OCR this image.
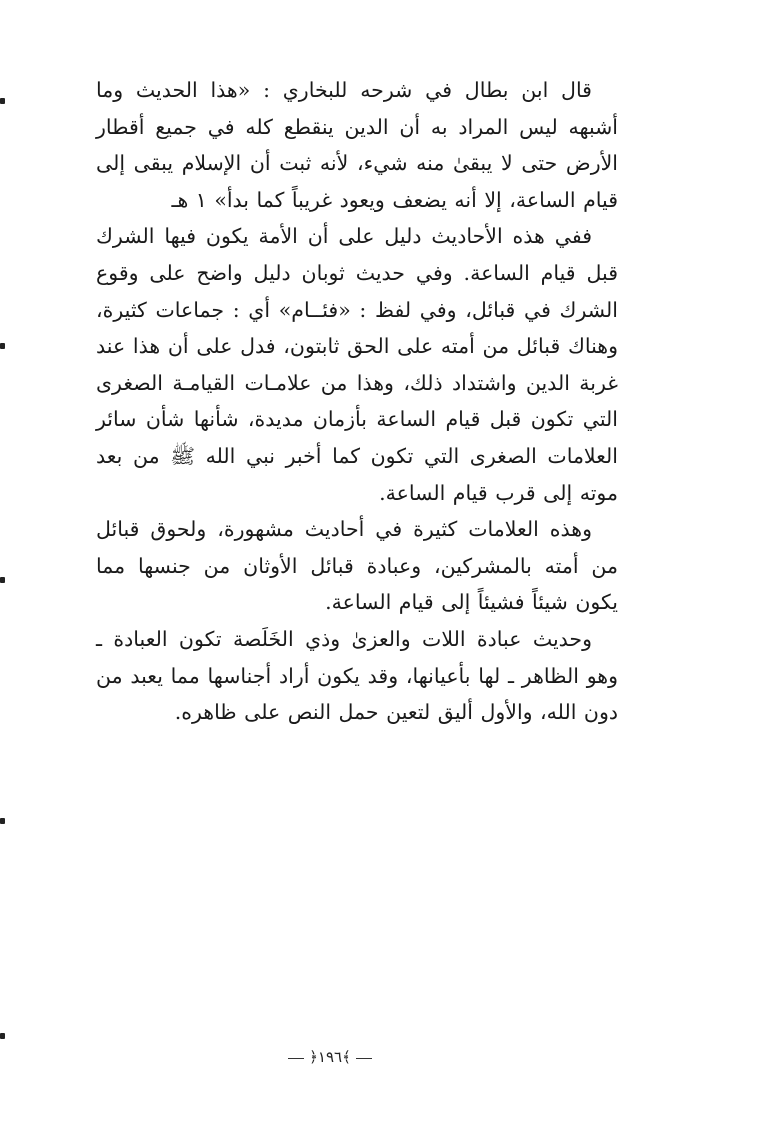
قال ابن بطال في شرحه للبخاري : «هذا الحديث وما أشبهه ليس المراد به أن الدين ينقطع كله في جميع أقطار الأرض حتى لا يبقىٰ منه شيء، لأنه ثبت أن الإسلام يبقى إلى قيام الساعة، إلا أنه يضعف ويعود غريباً كما بدأ» ١ هـ

ففي هذه الأحاديث دليل على أن الأمة يكون فيها الشرك قبل قيام الساعة. وفي حديث ثوبان دليل واضح على وقوع الشرك في قبائل، وفي لفظ : «فئــام» أي : جماعات كثيرة، وهناك قبائل من أمته على الحق ثابتون، فدل على أن هذا عند غربة الدين واشتداد ذلك، وهذا من علامـات القيامـة الصغرى التي تكون قبل قيام الساعة بأزمان مديدة، شأنها شأن سائر العلامات الصغرى التي تكون كما أخبر نبي الله ﷺ من بعد موته إلى قرب قيام الساعة.

وهذه العلامات كثيرة في أحاديث مشهورة، ولحوق قبائل من أمته بالمشركين، وعبادة قبائل الأوثان من جنسها مما يكون شيئاً فشيئاً إلى قيام الساعة.

وحديث عبادة اللات والعزىٰ وذي الخَلَصة تكون العبادة ـ وهو الظاهر ـ لها بأعيانها، وقد يكون أراد أجناسها مما يعبد من دون الله، والأول أليق لتعين حمل النص على ظاهره.

﴿١٩٦﴾
